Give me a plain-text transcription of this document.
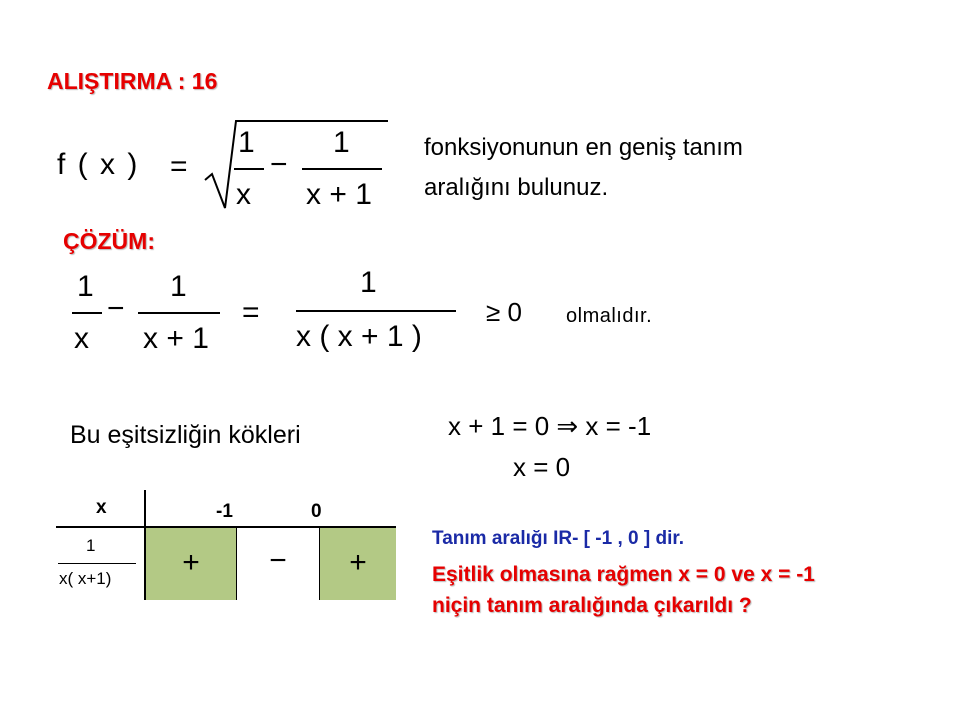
ALIŞTIRMA : 16
f ( x ) =
1
x
−
1
x + 1
fonksiyonunun en geniş tanım
aralığını bulunuz.
ÇÖZÜM:
1
x
−
1
x + 1
=
1
x ( x + 1 )
≥ 0 olmalıdır.
Bu eşitsizliğin kökleri	x + 1 = 0 ⇒ x = -1
x = 0
x	-1	0
1
x( x+1)	+	−	+
Tanım aralığı IR- [ -1 , 0 ] dir.
Eşitlik olmasına rağmen x = 0 ve x = -1
niçin tanım aralığında çıkarıldı ?
